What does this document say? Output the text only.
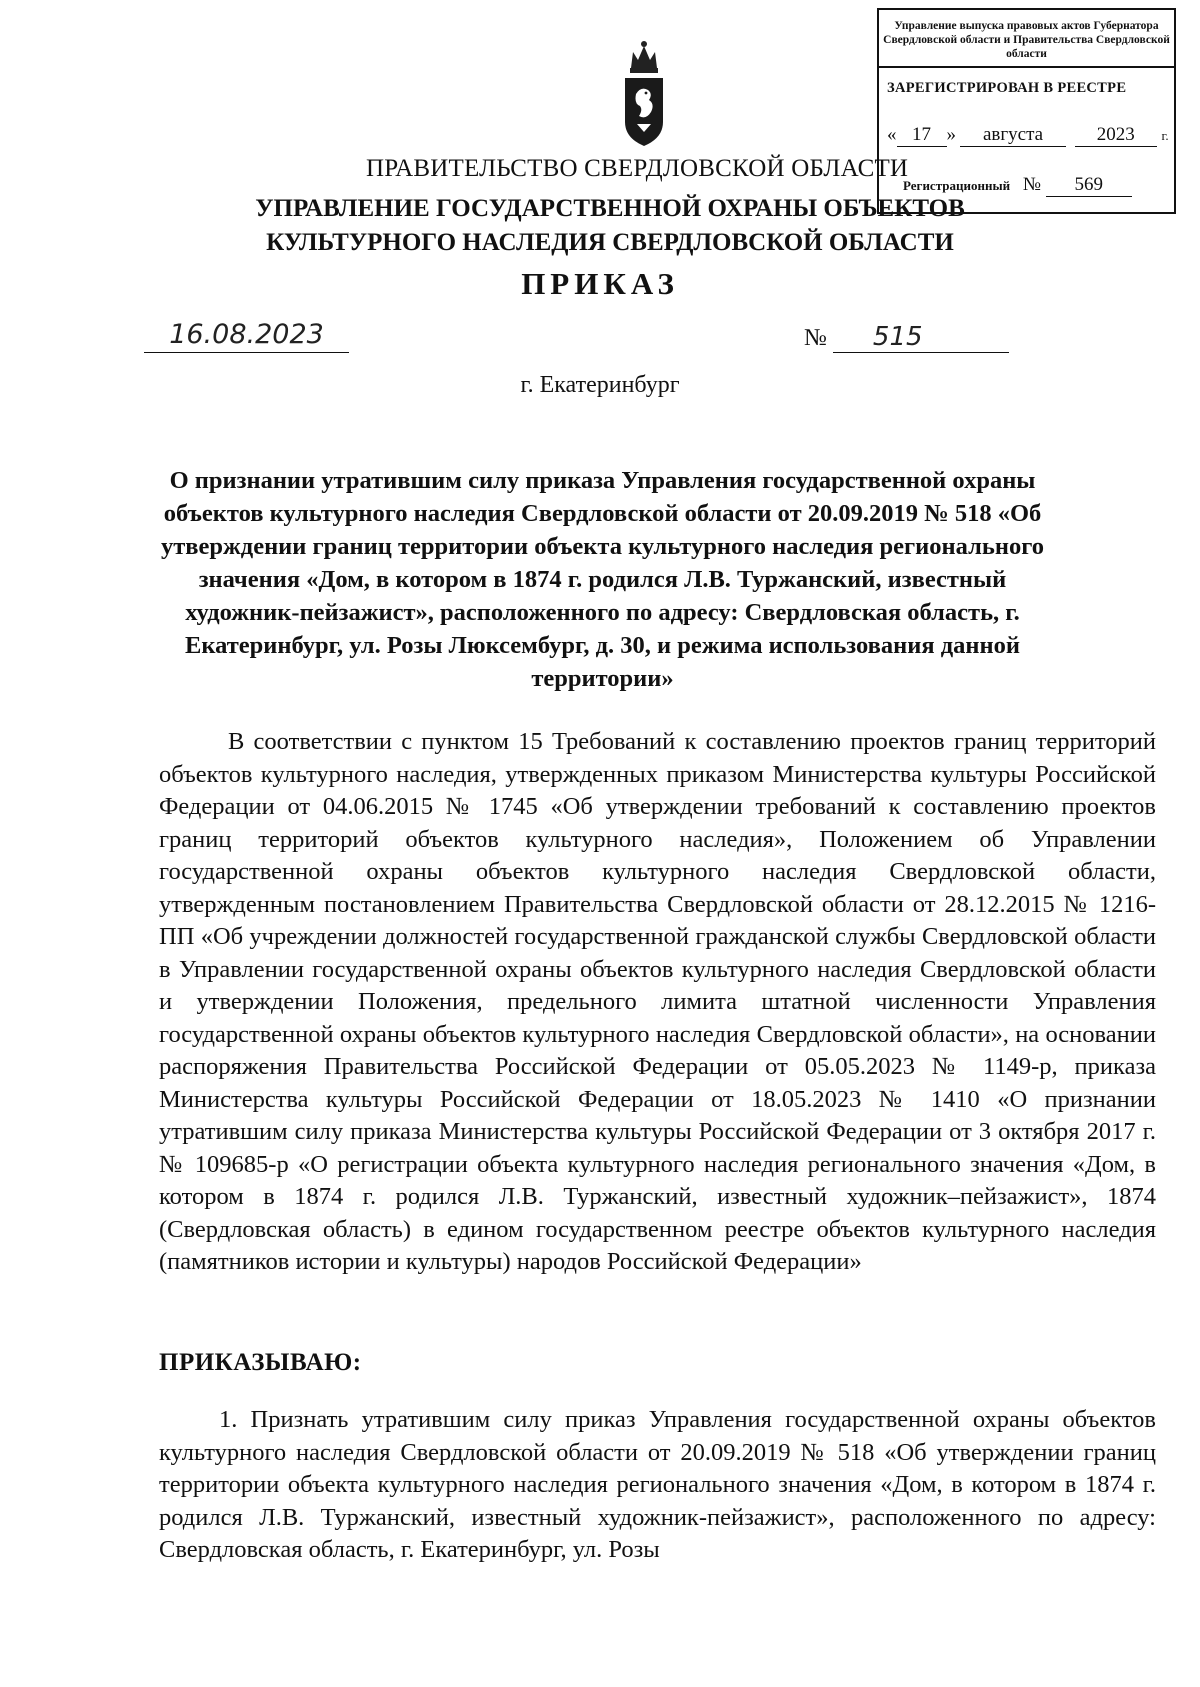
Управление выпуска правовых актов Губернатора Свердловской области и Правительства Свердловской области
ЗАРЕГИСТРИРОВАН В РЕЕСТРЕ
« 17 » августа	2023 г.
Регистрационный № 569
ПРАВИТЕЛЬСТВО СВЕРДЛОВСКОЙ ОБЛАСТИ
УПРАВЛЕНИЕ ГОСУДАРСТВЕННОЙ ОХРАНЫ ОБЪЕКТОВ КУЛЬТУРНОГО НАСЛЕДИЯ СВЕРДЛОВСКОЙ ОБЛАСТИ
ПРИКАЗ
16.08.2023	№ 515
г. Екатеринбург
О признании утратившим силу приказа Управления государственной охраны объектов культурного наследия Свердловской области от 20.09.2019 № 518 «Об утверждении границ территории объекта культурного наследия регионального значения «Дом, в котором в 1874 г. родился Л.В. Туржанский, известный художник-пейзажист», расположенного по адресу: Свердловская область, г. Екатеринбург, ул. Розы Люксембург, д. 30, и режима использования данной территории»

В соответствии с пунктом 15 Требований к составлению проектов границ территорий объектов культурного наследия, утвержденных приказом Министерства культуры Российской Федерации от 04.06.2015 № 1745 «Об утверждении требований к составлению проектов границ территорий объектов культурного наследия», Положением об Управлении государственной охраны объектов культурного наследия Свердловской области, утвержденным постановлением Правительства Свердловской области от 28.12.2015 № 1216-ПП «Об учреждении должностей государственной гражданской службы Свердловской области в Управлении государственной охраны объектов культурного наследия Свердловской области и утверждении Положения, предельного лимита штатной численности Управления государственной охраны объектов культурного наследия Свердловской области», на основании распоряжения Правительства Российской Федерации от 05.05.2023 № 1149-р, приказа Министерства культуры Российской Федерации от 18.05.2023 № 1410 «О признании утратившим силу приказа Министерства культуры Российской Федерации от 3 октября 2017 г. № 109685-р «О регистрации объекта культурного наследия регионального значения «Дом, в котором в 1874 г. родился Л.В. Туржанский, известный художник–пейзажист», 1874 (Свердловская область) в едином государственном реестре объектов культурного наследия (памятников истории и культуры) народов Российской Федерации»

ПРИКАЗЫВАЮ:

1. Признать утратившим силу приказ Управления государственной охраны объектов культурного наследия Свердловской области от 20.09.2019 № 518 «Об утверждении границ территории объекта культурного наследия регионального значения «Дом, в котором в 1874 г. родился Л.В. Туржанский, известный художник-пейзажист», расположенного по адресу: Свердловская область, г. Екатеринбург, ул. Розы
